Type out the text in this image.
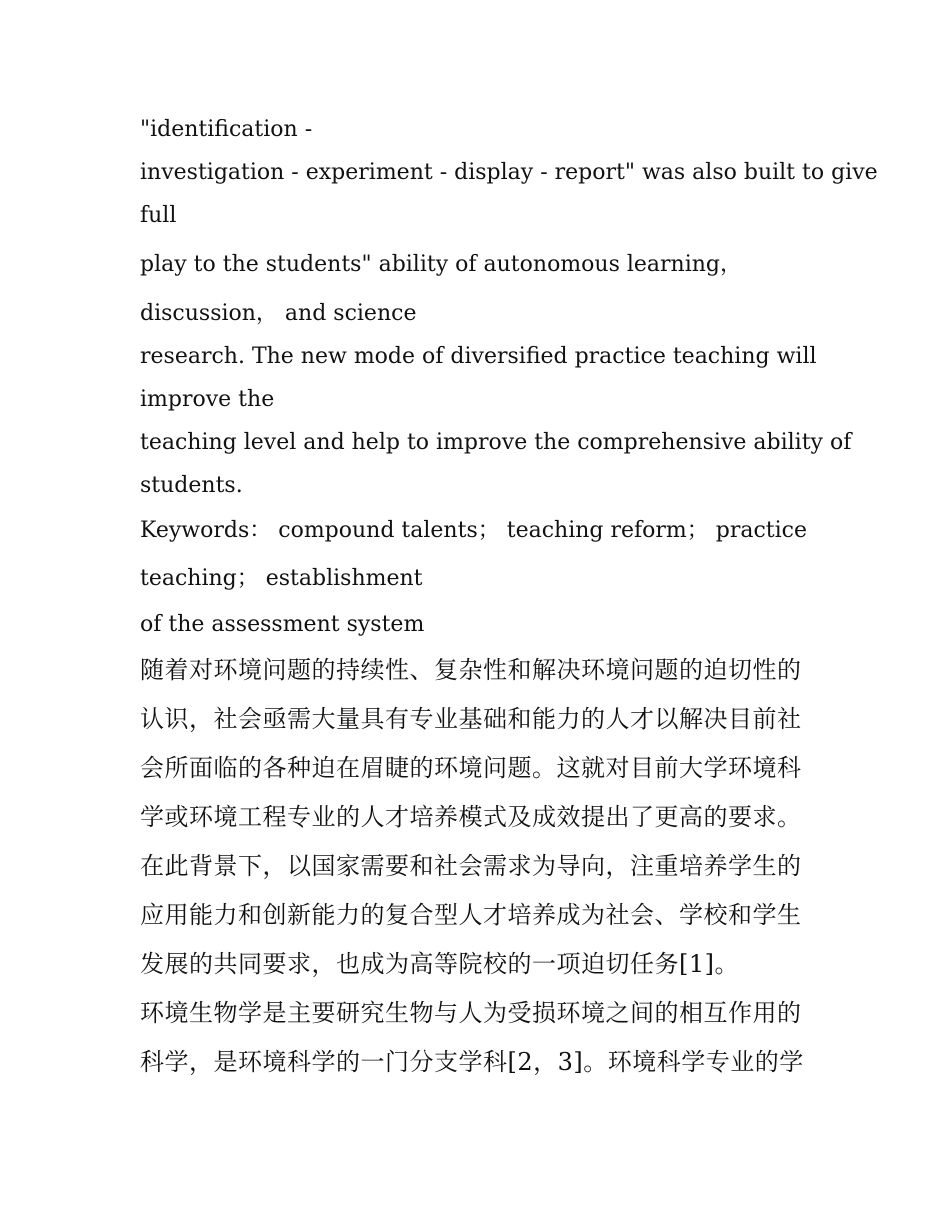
"identification -

investigation - experiment - display - report" was also built to give

full

play to the students" ability of autonomous learning，

discussion， and science

research. The new mode of diversified practice teaching will

improve the

teaching level and help to improve the comprehensive ability of

students.

Keywords： compound talents； teaching reform； practice

teaching； establishment

of the assessment system

随着对环境问题的持续性、复杂性和解决环境问题的迫切性的

认识，社会亟需大量具有专业基础和能力的人才以解决目前社

会所面临的各种迫在眉睫的环境问题。这就对目前大学环境科

学或环境工程专业的人才培养模式及成效提出了更高的要求。

在此背景下，以国家需要和社会需求为导向，注重培养学生的

应用能力和创新能力的复合型人才培养成为社会、学校和学生

发展的共同要求，也成为高等院校的一项迫切任务[1]。

环境生物学是主要研究生物与人为受损环境之间的相互作用的

科学，是环境科学的一门分支学科[2，3]。环境科学专业的学
